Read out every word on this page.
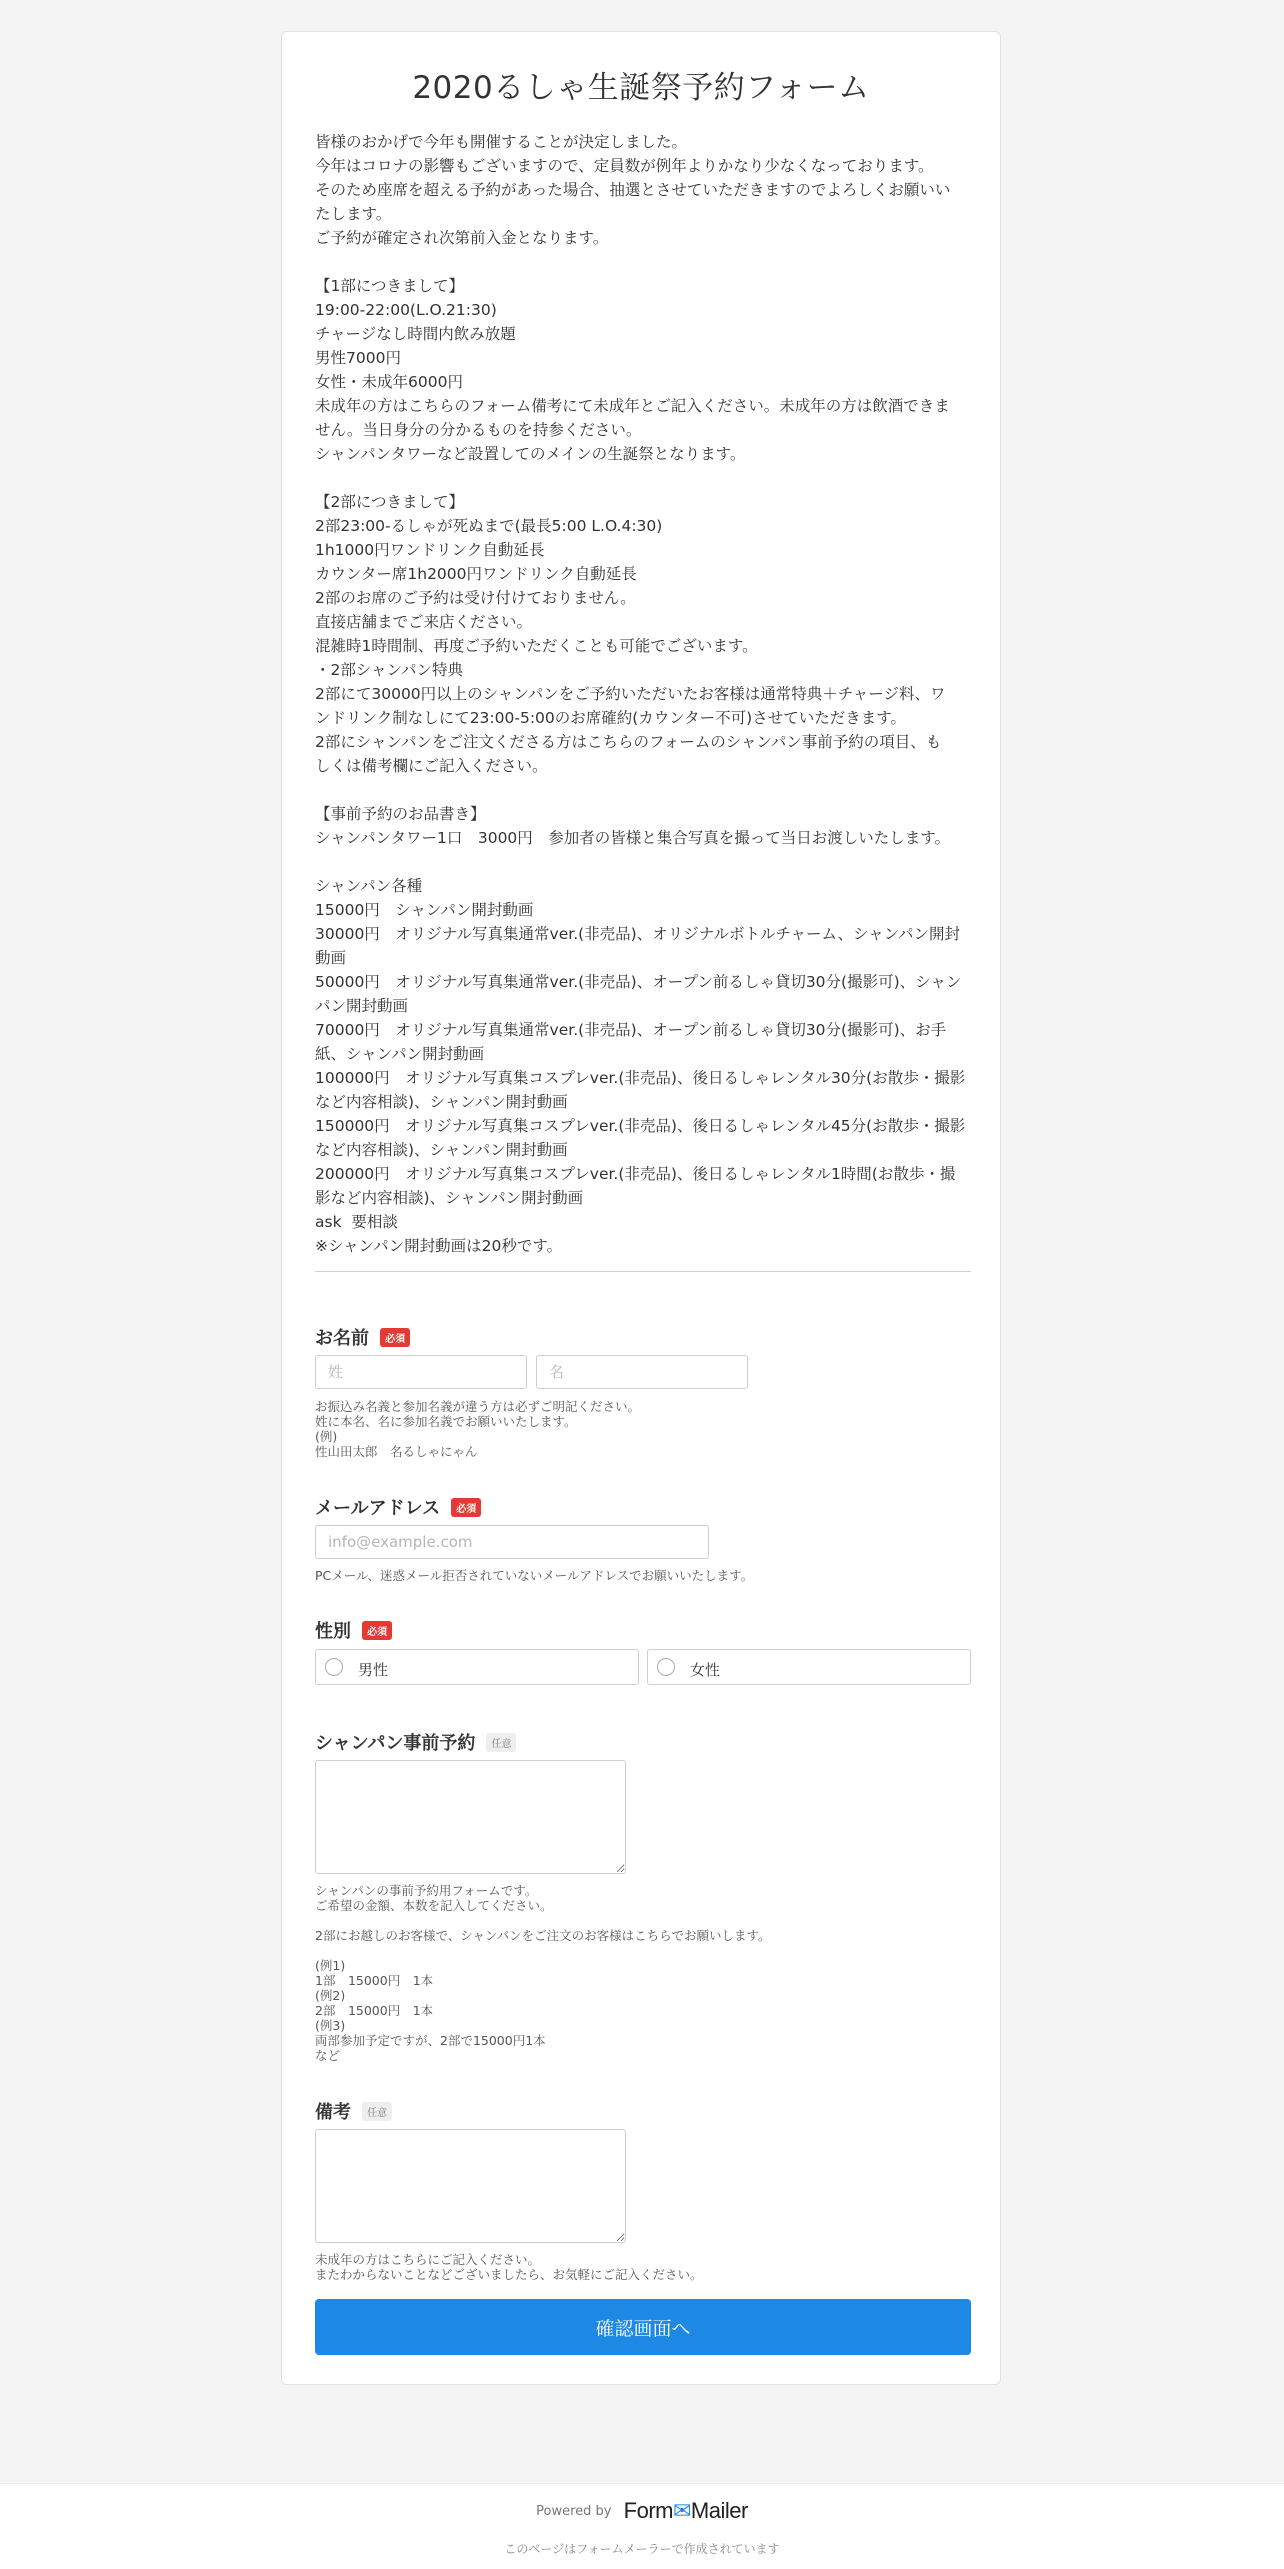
2020るしゃ生誕祭予約フォーム
皆様のおかげで今年も開催することが決定しました。
今年はコロナの影響もございますので、定員数が例年よりかなり少なくなっております。
そのため座席を超える予約があった場合、抽選とさせていただきますのでよろしくお願いい
たします。
ご予約が確定され次第前入金となります。
【1部につきまして】
19:00-22:00(L.O.21:30)
チャージなし時間内飲み放題
男性7000円
女性・未成年6000円
未成年の方はこちらのフォーム備考にて未成年とご記入ください。未成年の方は飲酒できま
せん。当日身分の分かるものを持参ください。
シャンパンタワーなど設置してのメインの生誕祭となります。
【2部につきまして】
2部23:00-るしゃが死ぬまで(最長5:00 L.O.4:30)
1h1000円ワンドリンク自動延長
カウンター席1h2000円ワンドリンク自動延長
2部のお席のご予約は受け付けておりません。
直接店舗までご来店ください。
混雑時1時間制、再度ご予約いただくことも可能でございます。
・2部シャンパン特典
2部にて30000円以上のシャンパンをご予約いただいたお客様は通常特典＋チャージ料、ワ
ンドリンク制なしにて23:00-5:00のお席確約(カウンター不可)させていただきます。
2部にシャンパンをご注文くださる方はこちらのフォームのシャンパン事前予約の項目、も
しくは備考欄にご記入ください。
【事前予約のお品書き】
シャンパンタワー1口　3000円　参加者の皆様と集合写真を撮って当日お渡しいたします。
シャンパン各種
15000円　シャンパン開封動画
30000円　オリジナル写真集通常ver.(非売品)、オリジナルボトルチャーム、シャンパン開封
動画
50000円　オリジナル写真集通常ver.(非売品)、オープン前るしゃ貸切30分(撮影可)、シャン
パン開封動画
70000円　オリジナル写真集通常ver.(非売品)、オープン前るしゃ貸切30分(撮影可)、お手
紙、シャンパン開封動画
100000円　オリジナル写真集コスプレver.(非売品)、後日るしゃレンタル30分(お散歩・撮影
など内容相談)、シャンパン開封動画
150000円　オリジナル写真集コスプレver.(非売品)、後日るしゃレンタル45分(お散歩・撮影
など内容相談)、シャンパン開封動画
200000円　オリジナル写真集コスプレver.(非売品)、後日るしゃレンタル1時間(お散歩・撮
影など内容相談)、シャンパン開封動画
ask  要相談
※シャンパン開封動画は20秒です。
お名前 必須
姓
名
お振込み名義と参加名義が違う方は必ずご明記ください。
姓に本名、名に参加名義でお願いいたします。
(例)
性山田太郎　名るしゃにゃん
メールアドレス 必須
info@example.com
PCメール、迷惑メール拒否されていないメールアドレスでお願いいたします。
性別 必須
男性	女性
シャンパン事前予約 任意
シャンパンの事前予約用フォームです。
ご希望の金額、本数を記入してください。
2部にお越しのお客様で、シャンパンをご注文のお客様はこちらでお願いします。
(例1)
1部　15000円　1本
(例2)
2部　15000円　1本
(例3)
両部参加予定ですが、2部で15000円1本
など
備考 任意
未成年の方はこちらにご記入ください。
またわからないことなどございましたら、お気軽にご記入ください。
確認画面へ
Powered by Form✉Mailer
このページはフォームメーラーで作成されています
